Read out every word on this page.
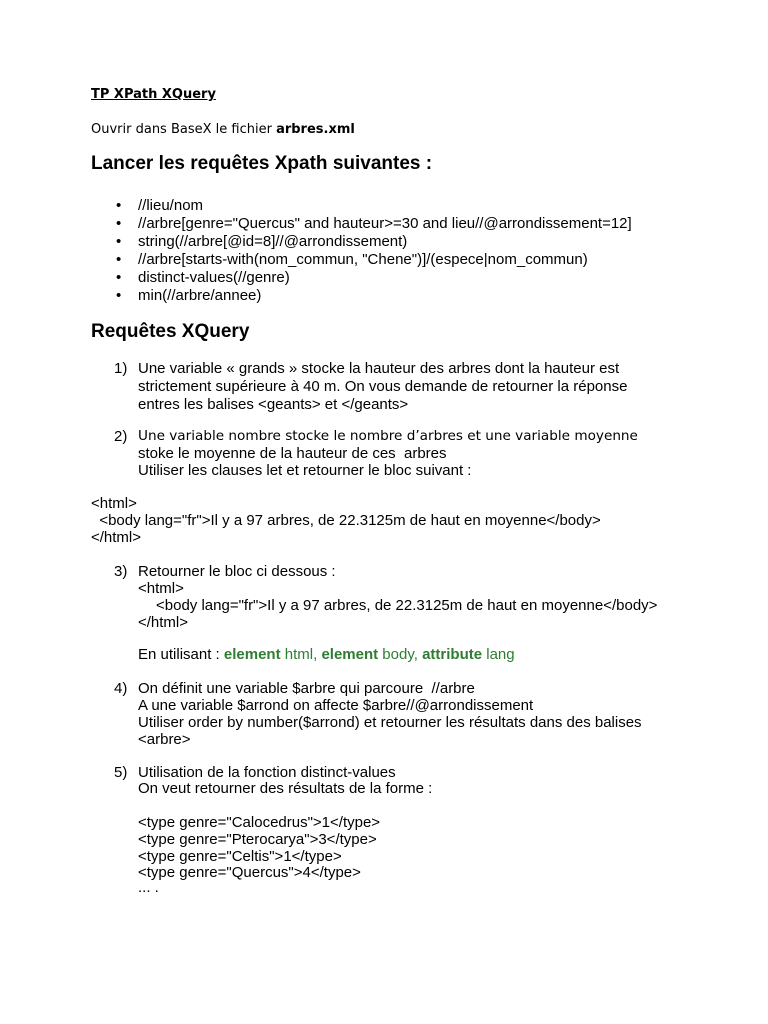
TP XPath XQuery
Ouvrir dans BaseX le fichier arbres.xml
Lancer les requêtes Xpath suivantes :
• //lieu/nom
• //arbre[genre="Quercus" and hauteur>=30 and lieu//@arrondissement=12]
• string(//arbre[@id=8]//@arrondissement)
• //arbre[starts-with(nom_commun, "Chene")]/(espece|nom_commun)
• distinct-values(//genre)
• min(//arbre/annee)
Requêtes XQuery
1) Une variable « grands » stocke la hauteur des arbres dont la hauteur est
strictement supérieure à 40 m. On vous demande de retourner la réponse
entres les balises <geants> et </geants>
2) Une variable nombre stocke le nombre d’arbres et une variable moyenne
stoke le moyenne de la hauteur de ces  arbres
Utiliser les clauses let et retourner le bloc suivant :
<html>
<body lang="fr">Il y a 97 arbres, de 22.3125m de haut en moyenne</body>
</html>
3) Retourner le bloc ci dessous :
<html>
<body lang="fr">Il y a 97 arbres, de 22.3125m de haut en moyenne</body>
</html>
En utilisant : element html, element body, attribute lang
4) On définit une variable $arbre qui parcoure  //arbre
A une variable $arrond on affecte $arbre//@arrondissement
Utiliser order by number($arrond) et retourner les résultats dans des balises
<arbre>
5) Utilisation de la fonction distinct-values
On veut retourner des résultats de la forme :
<type genre="Calocedrus">1</type>
<type genre="Pterocarya">3</type>
<type genre="Celtis">1</type>
<type genre="Quercus">4</type>
... .
